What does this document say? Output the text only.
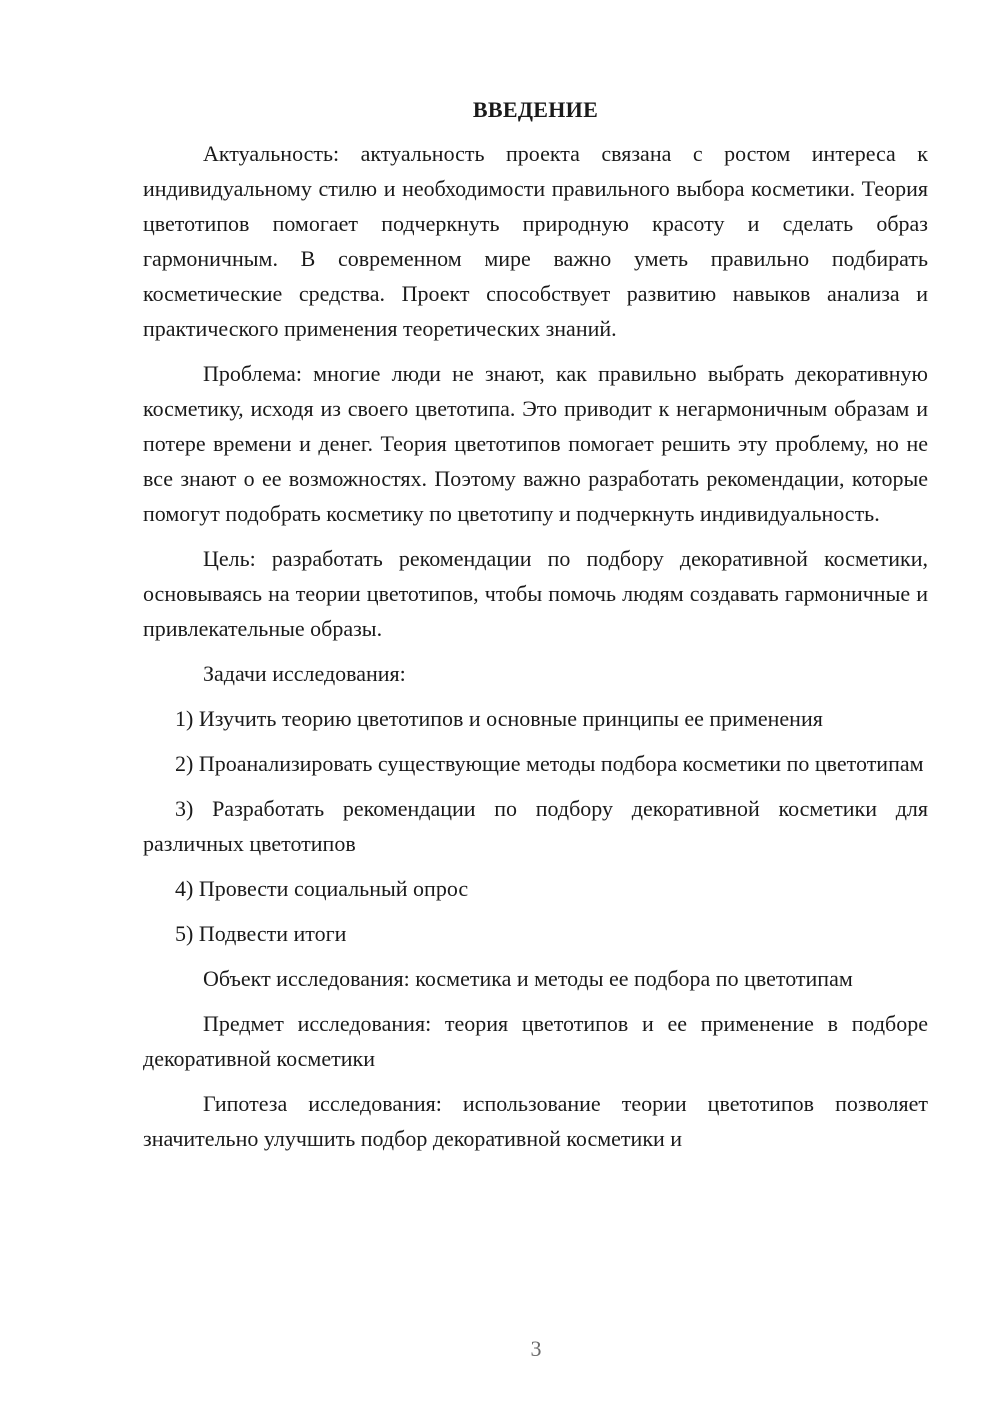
ВВЕДЕНИЕ

Актуальность: актуальность проекта связана с ростом интереса к индивидуальному стилю и необходимости правильного выбора косметики. Теория цветотипов помогает подчеркнуть природную красоту и сделать образ гармоничным. В современном мире важно уметь правильно подбирать косметические средства. Проект способствует развитию навыков анализа и практического применения теоретических знаний.

Проблема: многие люди не знают, как правильно выбрать декоративную косметику, исходя из своего цветотипа. Это приводит к негармоничным образам и потере времени и денег. Теория цветотипов помогает решить эту проблему, но не все знают о ее возможностях. Поэтому важно разработать рекомендации, которые помогут подобрать косметику по цветотипу и подчеркнуть индивидуальность.

Цель: разработать рекомендации по подбору декоративной косметики, основываясь на теории цветотипов, чтобы помочь людям создавать гармоничные и привлекательные образы.

Задачи исследования:

1) Изучить теорию цветотипов и основные принципы ее применения

2) Проанализировать существующие методы подбора косметики по цветотипам

3) Разработать рекомендации по подбору декоративной косметики для различных цветотипов

4) Провести социальный опрос

5) Подвести итоги

Объект исследования: косметика и методы ее подбора по цветотипам

Предмет исследования: теория цветотипов и ее применение в подборе декоративной косметики

Гипотеза исследования: использование теории цветотипов позволяет значительно улучшить подбор декоративной косметики и

3
